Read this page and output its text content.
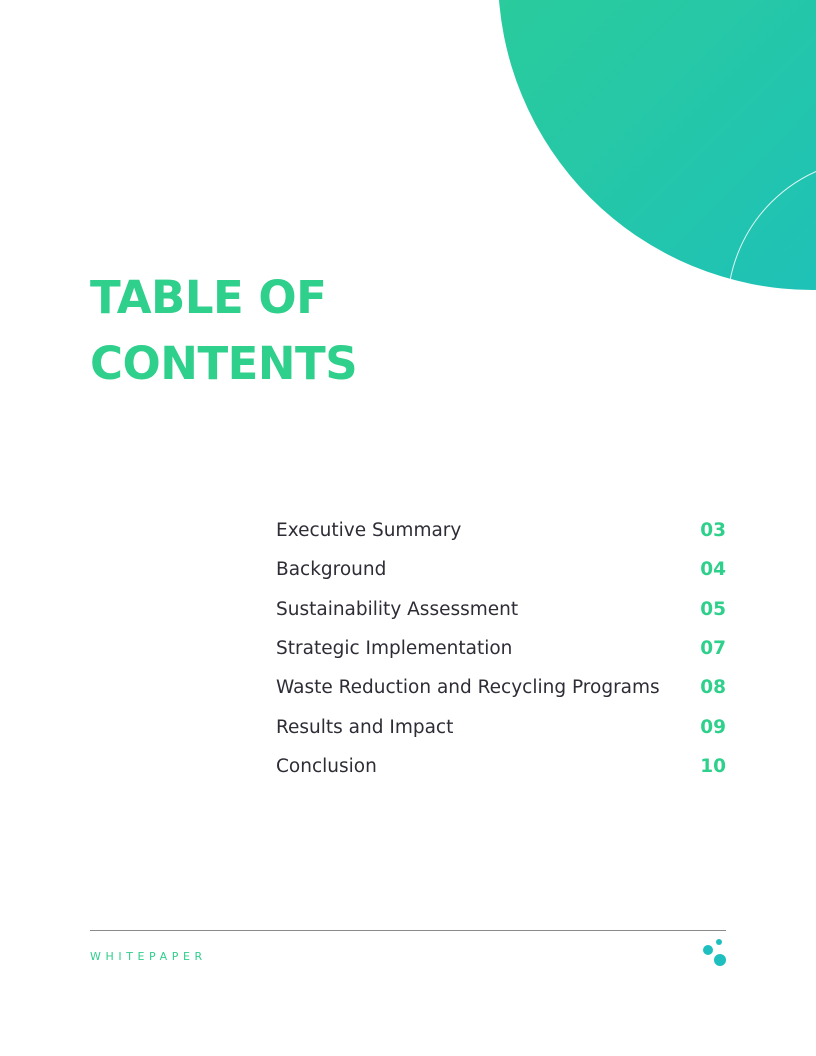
TABLE OF
CONTENTS
Executive Summary	03
Background	04
Sustainability Assessment	05
Strategic Implementation	07
Waste Reduction and Recycling Programs 08
Results and Impact	09
Conclusion	10
WHITEPAPER
